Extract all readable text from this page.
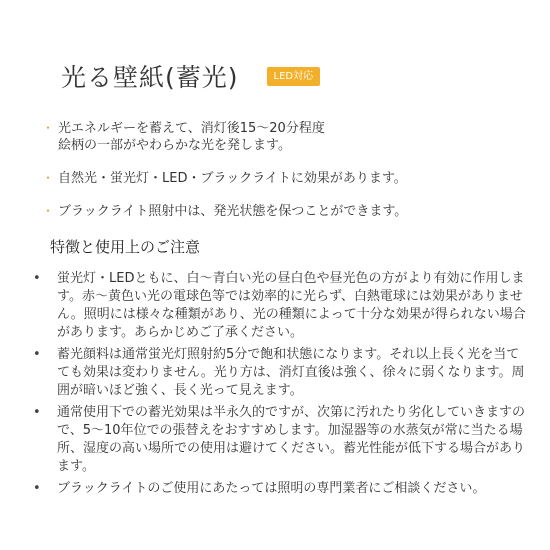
光る壁紙(蓄光)	LED対応
・ 光エネルギーを蓄えて、消灯後15〜20分程度
絵柄の一部がやわらかな光を発します。
・ 自然光・蛍光灯・LED・ブラックライトに効果があります。
・ ブラックライト照射中は、発光状態を保つことができます。
特徴と使用上のご注意
•	蛍光灯・LEDともに、白〜青白い光の昼白色や昼光色の方がより有効に作用します。赤〜黄色い光の電球色等では効率的に光らず、白熱電球には効果がありません。照明には様々な種類があり、光の種類によって十分な効果が得られない場合があります。あらかじめご了承ください。
•	蓄光顔料は通常蛍光灯照射約5分で飽和状態になります。それ以上長く光を当てても効果は変わりません。光り方は、消灯直後は強く、徐々に弱くなります。周囲が暗いほど強く、長く光って見えます。
•	通常使用下での蓄光効果は半永久的ですが、次第に汚れたり劣化していきますので、5〜10年位での張替えをおすすめします。加湿器等の水蒸気が常に当たる場所、湿度の高い場所での使用は避けてください。蓄光性能が低下する場合があります。
•	ブラックライトのご使用にあたっては照明の専門業者にご相談ください。
